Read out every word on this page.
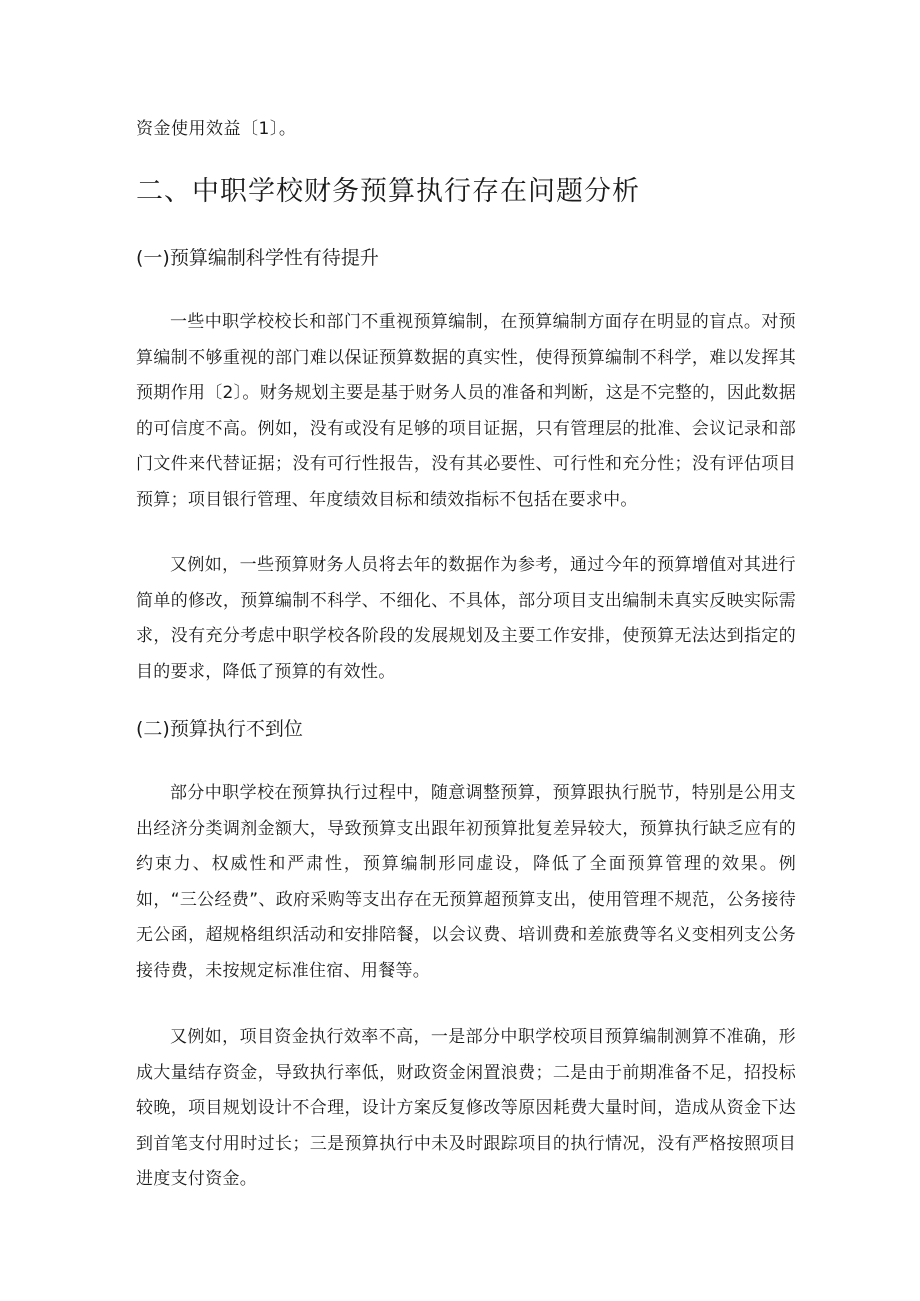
资金使用效益〔1〕。
二、中职学校财务预算执行存在问题分析
(一)预算编制科学性有待提升

一些中职学校校长和部门不重视预算编制，在预算编制方面存在明显的盲点。对预算编制不够重视的部门难以保证预算数据的真实性，使得预算编制不科学，难以发挥其预期作用〔2〕。财务规划主要是基于财务人员的准备和判断，这是不完整的，因此数据的可信度不高。例如，没有或没有足够的项目证据，只有管理层的批准、会议记录和部门文件来代替证据；没有可行性报告，没有其必要性、可行性和充分性；没有评估项目预算；项目银行管理、年度绩效目标和绩效指标不包括在要求中。

又例如，一些预算财务人员将去年的数据作为参考，通过今年的预算增值对其进行简单的修改，预算编制不科学、不细化、不具体，部分项目支出编制未真实反映实际需求，没有充分考虑中职学校各阶段的发展规划及主要工作安排，使预算无法达到指定的目的要求，降低了预算的有效性。

(二)预算执行不到位

部分中职学校在预算执行过程中，随意调整预算，预算跟执行脱节，特别是公用支出经济分类调剂金额大，导致预算支出跟年初预算批复差异较大，预算执行缺乏应有的约束力、权威性和严肃性，预算编制形同虚设，降低了全面预算管理的效果。例如，“三公经费”、政府采购等支出存在无预算超预算支出，使用管理不规范，公务接待无公函，超规格组织活动和安排陪餐，以会议费、培训费和差旅费等名义变相列支公务接待费，未按规定标准住宿、用餐等。

又例如，项目资金执行效率不高，一是部分中职学校项目预算编制测算不准确，形成大量结存资金，导致执行率低，财政资金闲置浪费；二是由于前期准备不足，招投标较晚，项目规划设计不合理，设计方案反复修改等原因耗费大量时间，造成从资金下达到首笔支付用时过长；三是预算执行中未及时跟踪项目的执行情况，没有严格按照项目进度支付资金。
